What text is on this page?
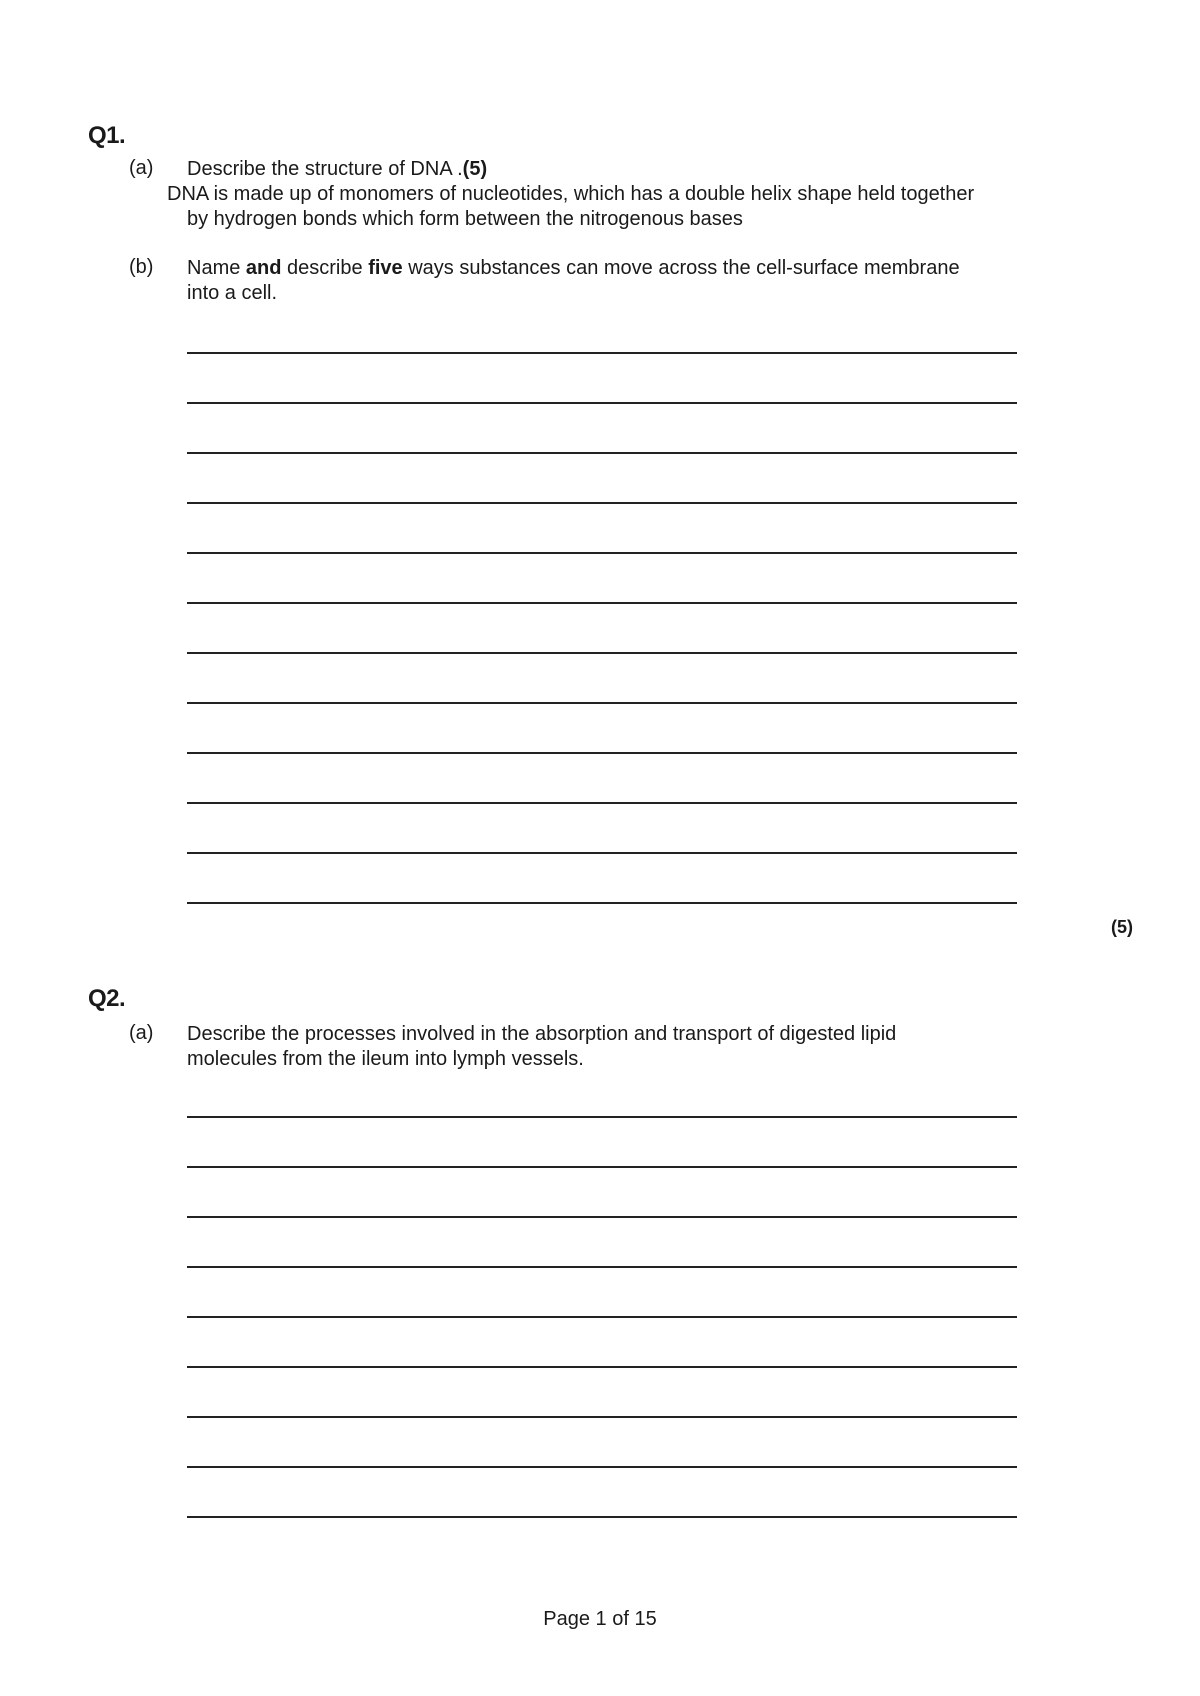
Q1.
(a) Describe the structure of DNA .(5)
DNA is made up of monomers of nucleotides, which has a double helix shape held together
by hydrogen bonds which form between the nitrogenous bases
(b) Name and describe five ways substances can move across the cell-surface membrane
into a cell.
(5)
Q2.
(a) Describe the processes involved in the absorption and transport of digested lipid
molecules from the ileum into lymph vessels.
Page 1 of 15
